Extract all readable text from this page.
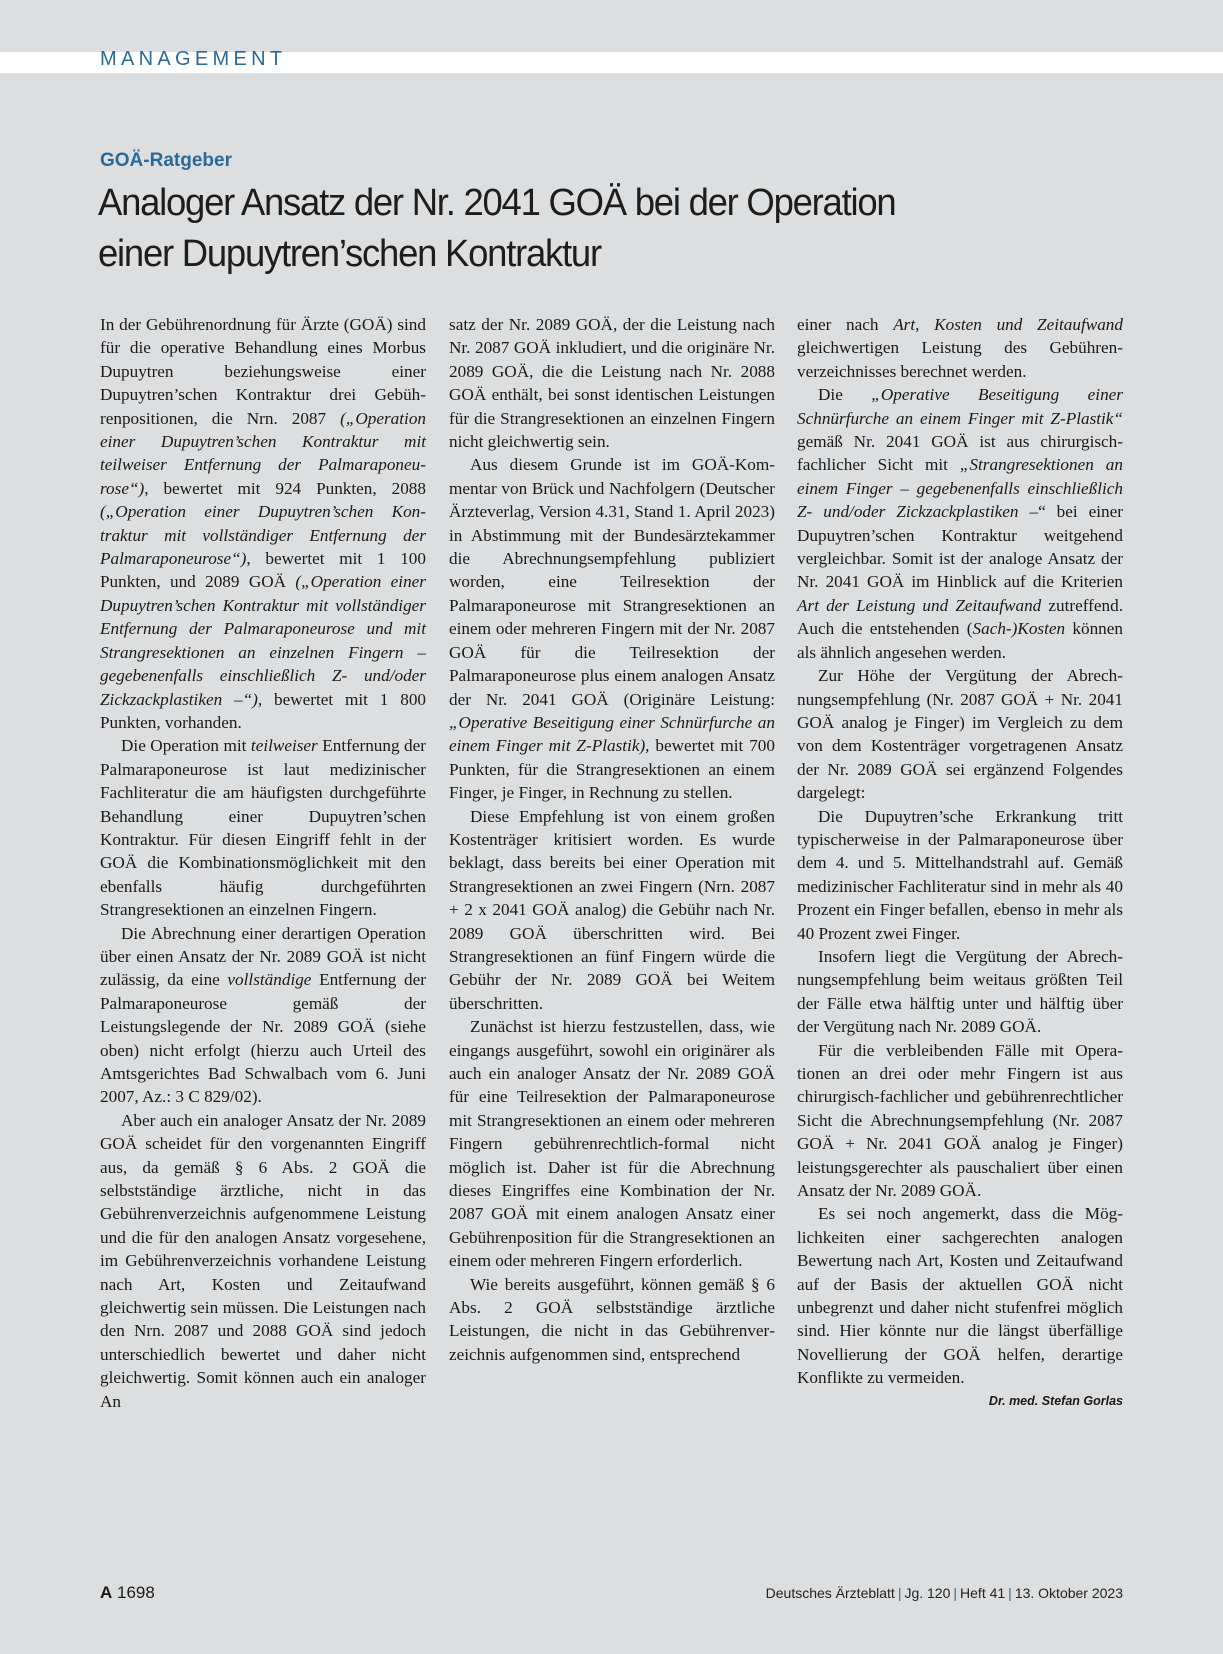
MANAGEMENT
GOÄ-Ratgeber
Analoger Ansatz der Nr. 2041 GOÄ bei der Operation
einer Dupuytren’schen Kontraktur

In der Gebührenordnung für Ärzte (GOÄ) sind für die operative Behandlung eines Morbus Dupuytren beziehungsweise einer Dupuytren’schen Kontraktur drei Gebührenpositionen, die Nrn. 2087 („Operation einer Dupuytren’schen Kontraktur mit teilweiser Entfernung der Palmaraponeurose“), bewertet mit 924 Punkten, 2088 („Operation einer Dupuytren’schen Kontraktur mit vollständiger Entfernung der Palmaraponeurose“), bewertet mit 1 100 Punkten, und 2089 GOÄ („Operation einer Dupuytren’schen Kontraktur mit vollständiger Entfernung der Palmaraponeurose und mit Strangresektionen an einzelnen Fingern – gegebenenfalls einschließlich Z- und/oder Zickzackplastiken –“), bewertet mit 1 800 Punkten, vorhanden.

Die Operation mit teilweiser Entfernung der Palmaraponeurose ist laut medizinischer Fachliteratur die am häufigsten durchgeführte Behandlung einer Dupuytren’schen Kontraktur. Für diesen Eingriff fehlt in der GOÄ die Kombinationsmöglichkeit mit den ebenfalls häufig durchgeführten Strangresektionen an einzelnen Fingern.

Die Abrechnung einer derartigen Operation über einen Ansatz der Nr. 2089 GOÄ ist nicht zulässig, da eine vollständige Entfernung der Palmaraponeurose gemäß der Leistungslegende der Nr. 2089 GOÄ (siehe oben) nicht erfolgt (hierzu auch Urteil des Amtsgerichtes Bad Schwalbach vom 6. Juni 2007, Az.: 3 C 829/02).

Aber auch ein analoger Ansatz der Nr. 2089 GOÄ scheidet für den vorgenannten Eingriff aus, da gemäß § 6 Abs. 2 GOÄ die selbstständige ärztliche, nicht in das Gebührenverzeichnis aufgenommene Leistung und die für den analogen Ansatz vorgesehene, im Gebührenverzeichnis vorhandene Leistung nach Art, Kosten und Zeitaufwand gleichwertig sein müssen. Die Leistungen nach den Nrn. 2087 und 2088 GOÄ sind jedoch unterschiedlich bewertet und daher nicht gleichwertig. Somit können auch ein analoger An

satz der Nr. 2089 GOÄ, der die Leistung nach Nr. 2087 GOÄ inkludiert, und die originäre Nr. 2089 GOÄ, die die Leistung nach Nr. 2088 GOÄ enthält, bei sonst identischen Leistungen für die Strangresektionen an einzelnen Fingern nicht gleichwertig sein.

Aus diesem Grunde ist im GOÄ-Kommentar von Brück und Nachfolgern (Deutscher Ärzteverlag, Version 4.31, Stand 1. April 2023) in Abstimmung mit der Bundesärztekammer die Abrechnungsempfehlung publiziert worden, eine Teilresektion der Palmaraponeurose mit Strangresektionen an einem oder mehreren Fingern mit der Nr. 2087 GOÄ für die Teilresektion der Palmaraponeurose plus einem analogen Ansatz der Nr. 2041 GOÄ (Originäre Leistung: „Operative Beseitigung einer Schnürfurche an einem Finger mit Z-Plastik), bewertet mit 700 Punkten, für die Strangresektionen an einem Finger, je Finger, in Rechnung zu stellen.

Diese Empfehlung ist von einem großen Kostenträger kritisiert worden. Es wurde beklagt, dass bereits bei einer Operation mit Strangresektionen an zwei Fingern (Nrn. 2087 + 2 x 2041 GOÄ analog) die Gebühr nach Nr. 2089 GOÄ überschritten wird. Bei Strangresektionen an fünf Fingern würde die Gebühr der Nr. 2089 GOÄ bei Weitem überschritten.

Zunächst ist hierzu festzustellen, dass, wie eingangs ausgeführt, sowohl ein originärer als auch ein analoger Ansatz der Nr. 2089 GOÄ für eine Teilresektion der Palmaraponeurose mit Strangresektionen an einem oder mehreren Fingern gebührenrechtlich-formal nicht möglich ist. Daher ist für die Abrechnung dieses Eingriffes eine Kombination der Nr. 2087 GOÄ mit einem analogen Ansatz einer Gebührenposition für die Strangresektionen an einem oder mehreren Fingern erforderlich.

Wie bereits ausgeführt, können gemäß § 6 Abs. 2 GOÄ selbstständige ärztliche Leistungen, die nicht in das Gebührenverzeichnis aufgenommen sind, entsprechend

einer nach Art, Kosten und Zeitaufwand gleichwertigen Leistung des Gebührenverzeichnisses berechnet werden.

Die „Operative Beseitigung einer Schnürfurche an einem Finger mit Z-Plastik“ gemäß Nr. 2041 GOÄ ist aus chirurgisch-fachlicher Sicht mit „Strangresektionen an einem Finger – gegebenenfalls einschließlich Z- und/oder Zickzackplastiken –“ bei einer Dupuytren’schen Kontraktur weitgehend vergleichbar. Somit ist der analoge Ansatz der Nr. 2041 GOÄ im Hinblick auf die Kriterien Art der Leistung und Zeitaufwand zutreffend. Auch die entstehenden (Sach-)Kosten können als ähnlich angesehen werden.

Zur Höhe der Vergütung der Abrechnungsempfehlung (Nr. 2087 GOÄ + Nr. 2041 GOÄ analog je Finger) im Vergleich zu dem von dem Kostenträger vorgetragenen Ansatz der Nr. 2089 GOÄ sei ergänzend Folgendes dargelegt:

Die Dupuytren’sche Erkrankung tritt typischerweise in der Palmaraponeurose über dem 4. und 5. Mittelhandstrahl auf. Gemäß medizinischer Fachliteratur sind in mehr als 40 Prozent ein Finger befallen, ebenso in mehr als 40 Prozent zwei Finger.

Insofern liegt die Vergütung der Abrechnungsempfehlung beim weitaus größten Teil der Fälle etwa hälftig unter und hälftig über der Vergütung nach Nr. 2089 GOÄ.

Für die verbleibenden Fälle mit Operationen an drei oder mehr Fingern ist aus chirurgisch-fachlicher und gebührenrechtlicher Sicht die Abrechnungsempfehlung (Nr. 2087 GOÄ + Nr. 2041 GOÄ analog je Finger) leistungsgerechter als pauschaliert über einen Ansatz der Nr. 2089 GOÄ.

Es sei noch angemerkt, dass die Möglichkeiten einer sachgerechten analogen Bewertung nach Art, Kosten und Zeitaufwand auf der Basis der aktuellen GOÄ nicht unbegrenzt und daher nicht stufenfrei möglich sind. Hier könnte nur die längst überfällige Novellierung der GOÄ helfen, derartige Konflikte zu vermeiden.

Dr. med. Stefan Gorlas
A 1698	Deutsches Ärzteblatt | Jg. 120 | Heft 41 | 13. Oktober 2023
